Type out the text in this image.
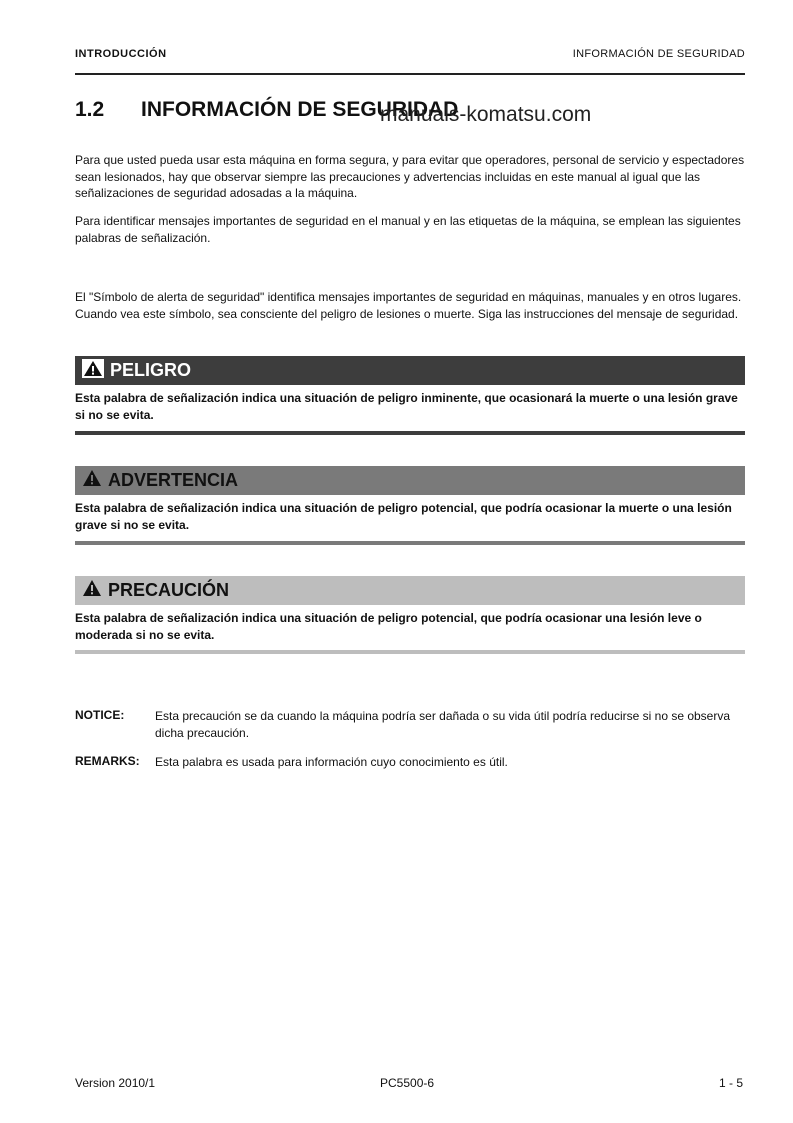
INTRODUCCIÓN	INFORMACIÓN DE SEGURIDAD
1.2 INFORMACIÓN DE SEGURIDAD
manuals-komatsu.com

Para que usted pueda usar esta máquina en forma segura, y para evitar que operadores, personal de servicio y espectadores sean lesionados, hay que observar siempre las precauciones y advertencias incluidas en este manual al igual que las señalizaciones de seguridad adosadas a la máquina.

Para identificar mensajes importantes de seguridad en el manual y en las etiquetas de la máquina, se emplean las siguientes palabras de señalización.

El "Símbolo de alerta de seguridad" identifica mensajes importantes de seguridad en máquinas, manuales y en otros lugares. Cuando vea este símbolo, sea consciente del peligro de lesiones o muerte. Siga las instrucciones del mensaje de seguridad.

PELIGRO

Esta palabra de señalización indica una situación de peligro inminente, que ocasionará la muerte o una lesión grave si no se evita.

ADVERTENCIA

Esta palabra de señalización indica una situación de peligro potencial, que podría ocasionar la muerte o una lesión grave si no se evita.

PRECAUCIÓN

Esta palabra de señalización indica una situación de peligro potencial, que podría ocasionar una lesión leve o moderada si no se evita.

NOTICE:	Esta precaución se da cuando la máquina podría ser dañada o su vida útil podría reducirse si no se observa dicha precaución.

REMARKS: Esta palabra es usada para información cuyo conocimiento es útil.

Version 2010/1	PC5500-6	1 - 5
